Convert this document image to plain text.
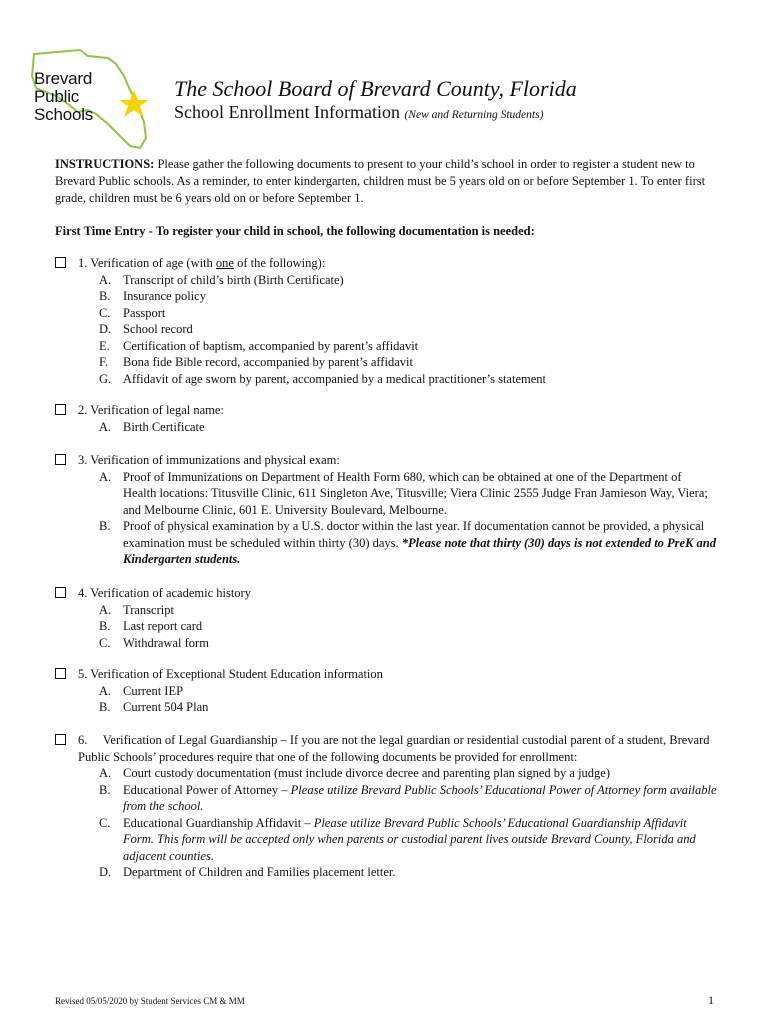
Brevard
Public
Schools
The School Board of Brevard County, Florida
School Enrollment Information (New and Returning Students)
INSTRUCTIONS: Please gather the following documents to present to your child’s school in order to register a student new to Brevard Public schools. As a reminder, to enter kindergarten, children must be 5 years old on or before September 1. To enter first grade, children must be 6 years old on or before September 1.
First Time Entry - To register your child in school, the following documentation is needed:
1. Verification of age (with one of the following):
A. Transcript of child’s birth (Birth Certificate)
B. Insurance policy
C. Passport
D. School record
E. Certification of baptism, accompanied by parent’s affidavit
F. Bona fide Bible record, accompanied by parent’s affidavit
G. Affidavit of age sworn by parent, accompanied by a medical practitioner’s statement
2. Verification of legal name:
A. Birth Certificate
3. Verification of immunizations and physical exam:
A. Proof of Immunizations on Department of Health Form 680, which can be obtained at one of the Department of Health locations: Titusville Clinic, 611 Singleton Ave, Titusville; Viera Clinic 2555 Judge Fran Jamieson Way, Viera; and Melbourne Clinic, 601 E. University Boulevard, Melbourne.
B. Proof of physical examination by a U.S. doctor within the last year. If documentation cannot be provided, a physical examination must be scheduled within thirty (30) days. *Please note that thirty (30) days is not extended to PreK and Kindergarten students.
4. Verification of academic history
A. Transcript
B. Last report card
C. Withdrawal form
5. Verification of Exceptional Student Education information
A. Current IEP
B. Current 504 Plan
6.     Verification of Legal Guardianship – If you are not the legal guardian or residential custodial parent of a student, Brevard Public Schools’ procedures require that one of the following documents be provided for enrollment:
A. Court custody documentation (must include divorce decree and parenting plan signed by a judge)
B. Educational Power of Attorney – Please utilize Brevard Public Schools’ Educational Power of Attorney form available from the school.
C. Educational Guardianship Affidavit – Please utilize Brevard Public Schools’ Educational Guardianship Affidavit Form. This form will be accepted only when parents or custodial parent lives outside Brevard County, Florida and adjacent counties.
D. Department of Children and Families placement letter.
Revised 05/05/2020 by Student Services CM & MM	1
